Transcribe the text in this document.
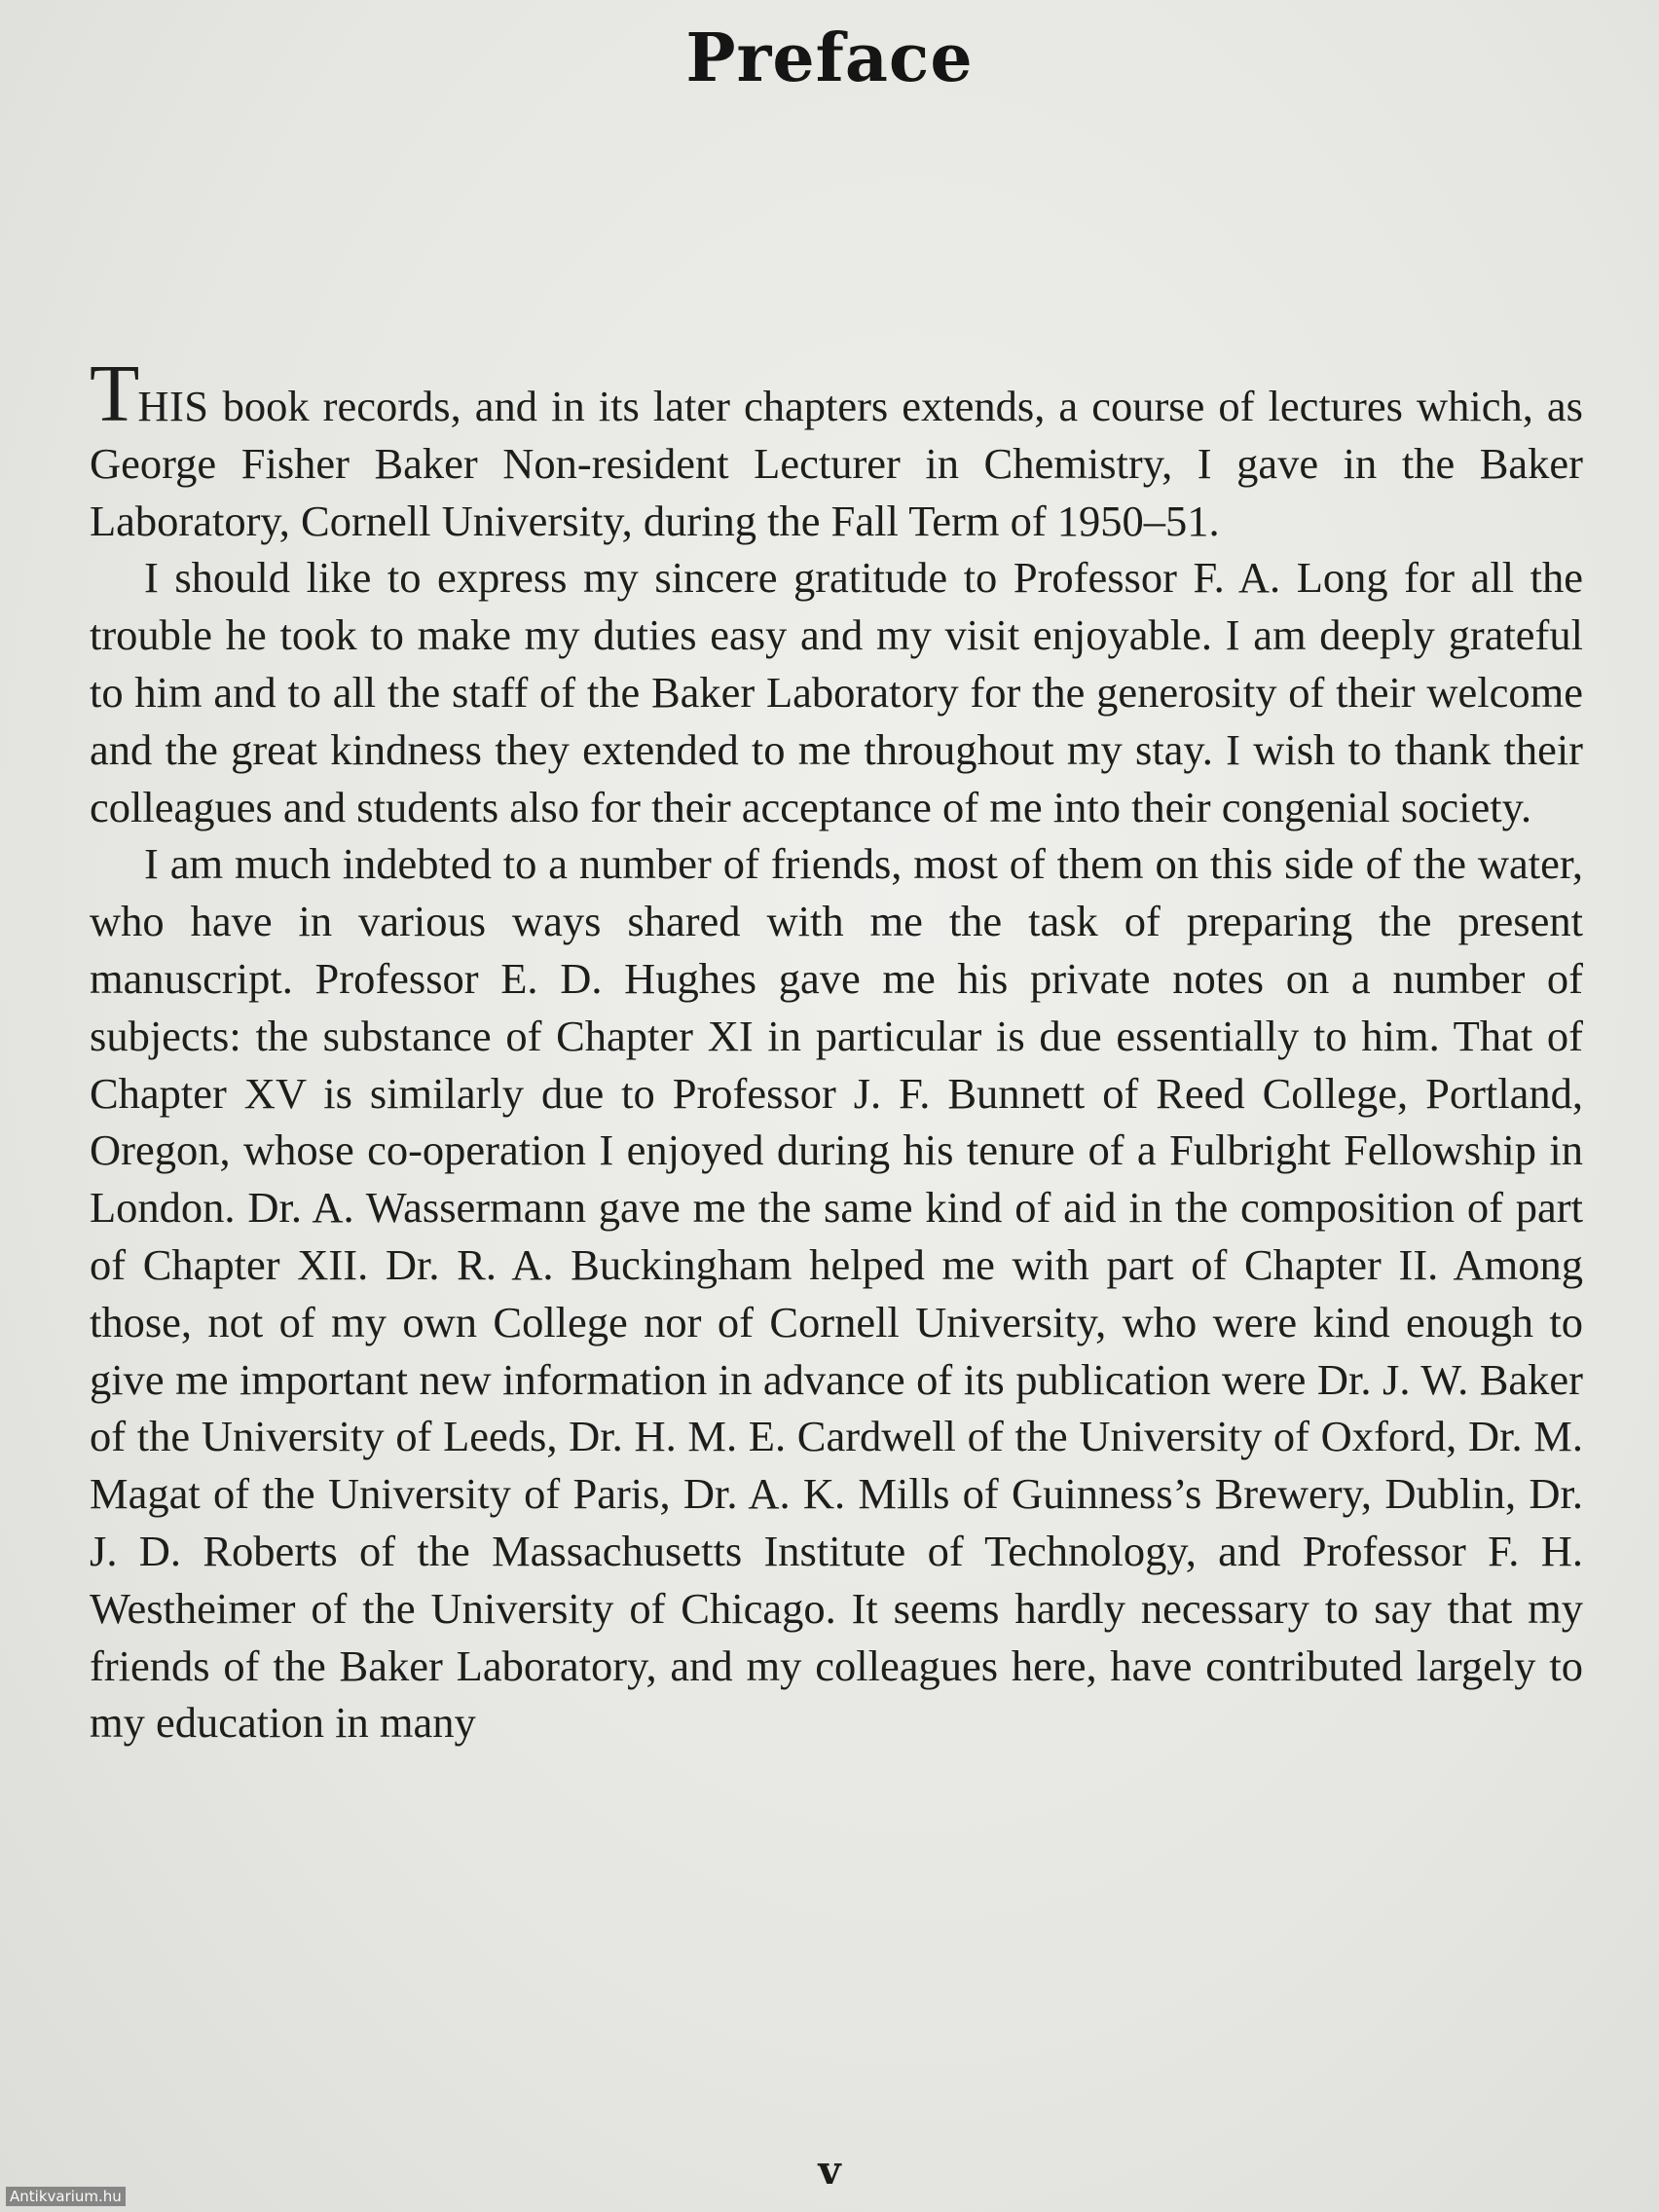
Preface

THIS book records, and in its later chapters extends, a course of lectures which, as George Fisher Baker Non-resident Lecturer in Chemistry, I gave in the Baker Laboratory, Cornell University, during the Fall Term of 1950–51.

I should like to express my sincere gratitude to Professor F. A. Long for all the trouble he took to make my duties easy and my visit enjoyable. I am deeply grateful to him and to all the staff of the Baker Laboratory for the generosity of their welcome and the great kindness they extended to me throughout my stay. I wish to thank their colleagues and students also for their acceptance of me into their congenial society.

I am much indebted to a number of friends, most of them on this side of the water, who have in various ways shared with me the task of preparing the present manuscript. Professor E. D. Hughes gave me his private notes on a number of subjects: the substance of Chapter XI in particular is due essentially to him. That of Chapter XV is similarly due to Professor J. F. Bunnett of Reed College, Portland, Oregon, whose co-operation I enjoyed during his tenure of a Fulbright Fellowship in London. Dr. A. Wassermann gave me the same kind of aid in the composition of part of Chapter XII. Dr. R. A. Buckingham helped me with part of Chapter II. Among those, not of my own College nor of Cornell University, who were kind enough to give me important new information in advance of its publication were Dr. J. W. Baker of the University of Leeds, Dr. H. M. E. Cardwell of the University of Oxford, Dr. M. Magat of the University of Paris, Dr. A. K. Mills of Guinness’s Brewery, Dublin, Dr. J. D. Roberts of the Massachusetts Institute of Technology, and Professor F. H. Westheimer of the University of Chicago. It seems hardly necessary to say that my friends of the Baker Laboratory, and my colleagues here, have contributed largely to my education in many

v
Antikvarium.hu
